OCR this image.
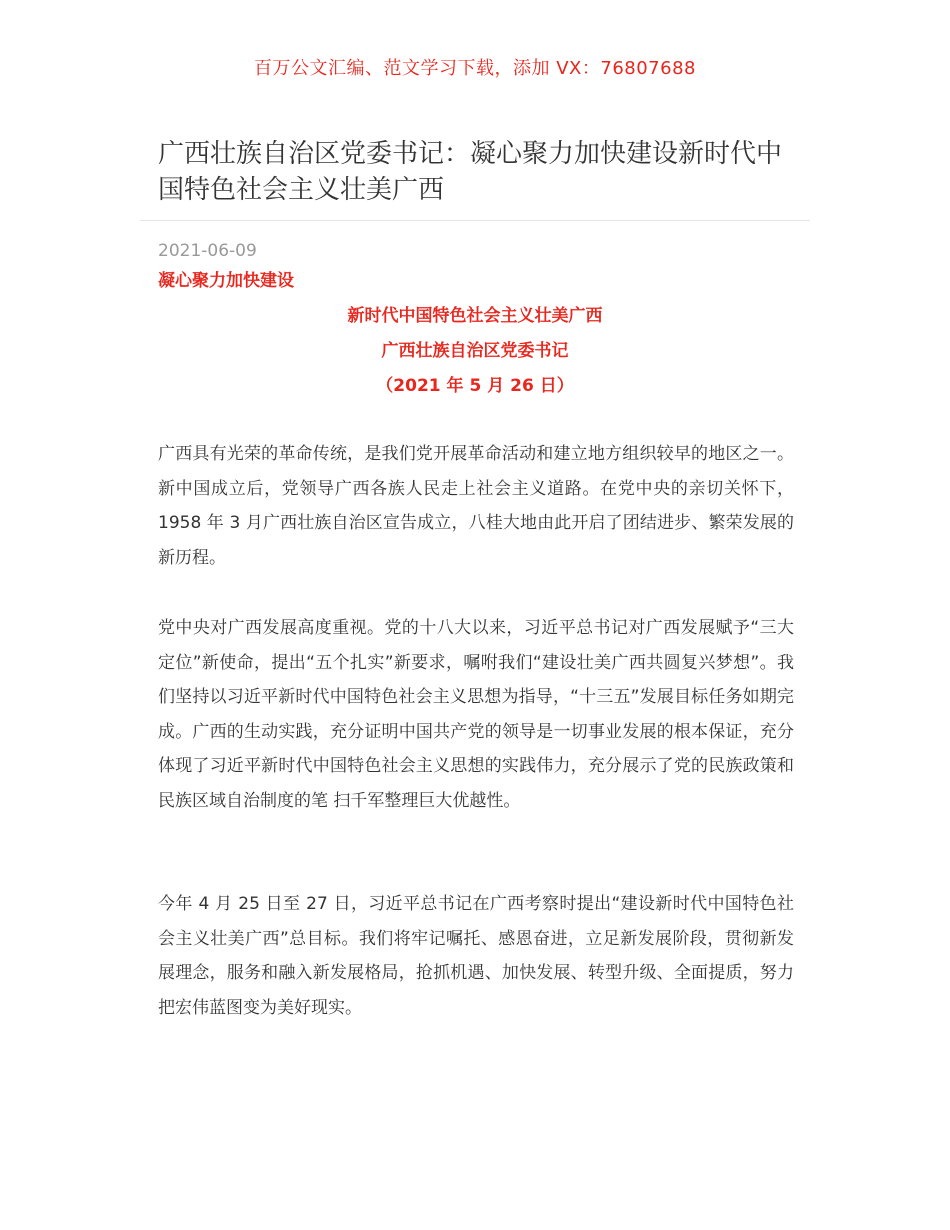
百万公文汇编、范文学习下载，添加 VX：76807688
广西壮族自治区党委书记：凝心聚力加快建设新时代中国特色社会主义壮美广西
2021-06-09
凝心聚力加快建设
新时代中国特色社会主义壮美广西
广西壮族自治区党委书记
（2021 年 5 月 26 日）

广西具有光荣的革命传统，是我们党开展革命活动和建立地方组织较早的地区之一。新中国成立后，党领导广西各族人民走上社会主义道路。在党中央的亲切关怀下，1958 年 3 月广西壮族自治区宣告成立，八桂大地由此开启了团结进步、繁荣发展的新历程。

党中央对广西发展高度重视。党的十八大以来，习近平总书记对广西发展赋予“三大定位”新使命，提出“五个扎实”新要求，嘱咐我们“建设壮美广西共圆复兴梦想”。我们坚持以习近平新时代中国特色社会主义思想为指导，“十三五”发展目标任务如期完成。广西的生动实践，充分证明中国共产党的领导是一切事业发展的根本保证，充分体现了习近平新时代中国特色社会主义思想的实践伟力，充分展示了党的民族政策和民族区域自治制度的笔 扫千军整理巨大优越性。

今年 4 月 25 日至 27 日，习近平总书记在广西考察时提出“建设新时代中国特色社会主义壮美广西”总目标。我们将牢记嘱托、感恩奋进，立足新发展阶段，贯彻新发展理念，服务和融入新发展格局，抢抓机遇、加快发展、转型升级、全面提质，努力把宏伟蓝图变为美好现实。
